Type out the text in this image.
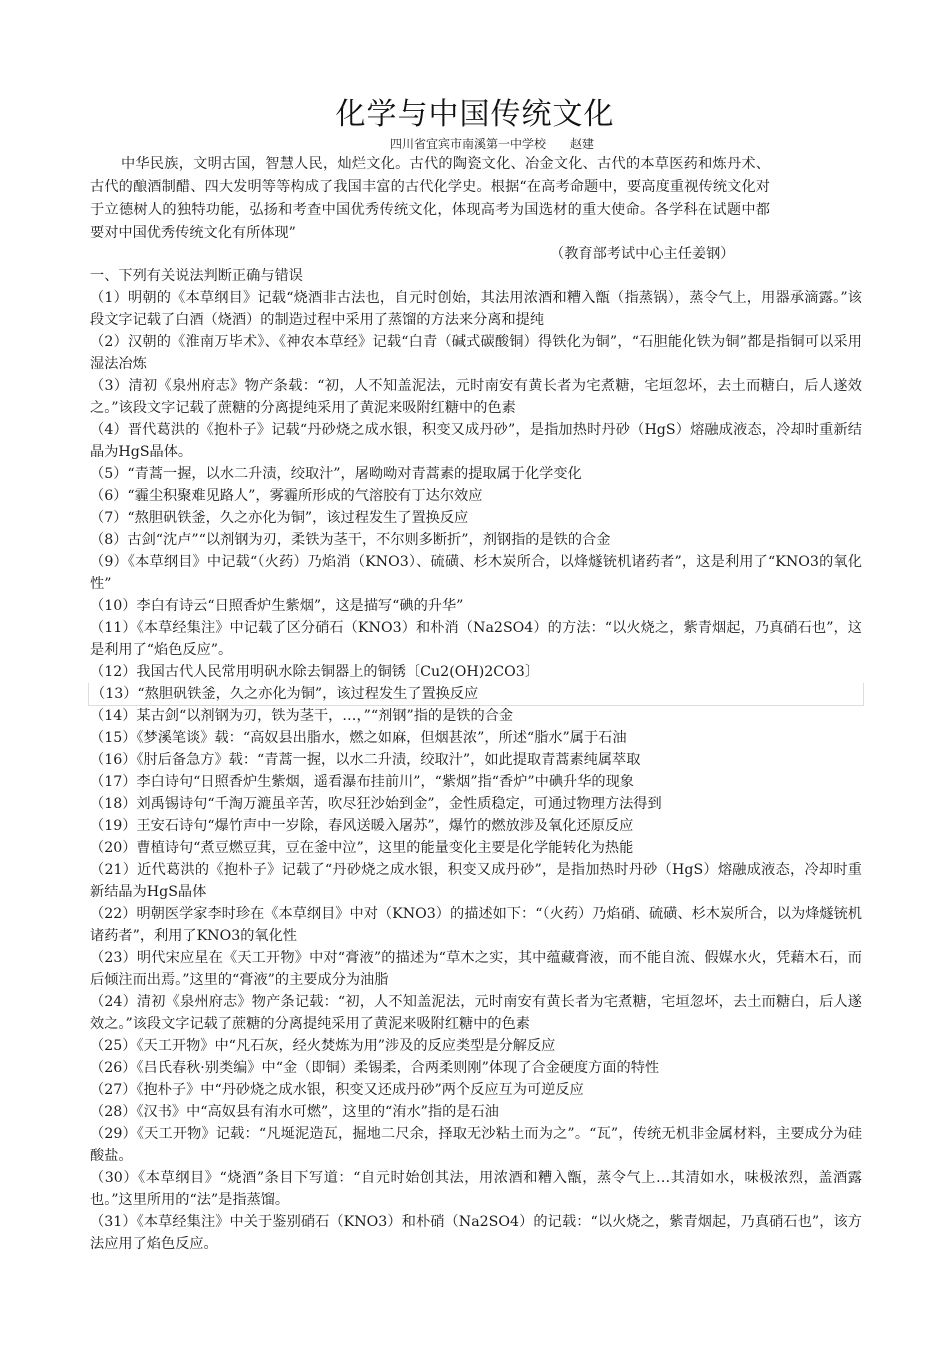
化学与中国传统文化
四川省宜宾市南溪第一中学校 赵建
中华民族，文明古国，智慧人民，灿烂文化。古代的陶瓷文化、冶金文化、古代的本草医药和炼丹术、古代的酿酒制醋、四大发明等等构成了我国丰富的古代化学史。根据“在高考命题中，要高度重视传统文化对于立德树人的独特功能，弘扬和考查中国优秀传统文化，体现高考为国选材的重大使命。各学科在试题中都要对中国优秀传统文化有所体现”
（教育部考试中心主任姜钢）
一、下列有关说法判断正确与错误
（1）明朝的《本草纲目》记载“烧酒非古法也，自元时创始，其法用浓酒和糟入甑（指蒸锅），蒸令气上，用器承滴露。”该段文字记载了白酒（烧酒）的制造过程中采用了蒸馏的方法来分离和提纯
（2）汉朝的《淮南万毕术》、《神农本草经》记载“白青（碱式碳酸铜）得铁化为铜”，“石胆能化铁为铜”都是指铜可以采用湿法冶炼
（3）清初《泉州府志》物产条载：“初，人不知盖泥法，元时南安有黄长者为宅煮糖，宅垣忽坏，去土而糖白，后人遂效之。”该段文字记载了蔗糖的分离提纯采用了黄泥来吸附红糖中的色素
（4）晋代葛洪的《抱朴子》记载“丹砂烧之成水银，积变又成丹砂”，是指加热时丹砂（HgS）熔融成液态，冷却时重新结晶为HgS晶体。
（5）“青蒿一握，以水二升渍，绞取汁”，屠呦呦对青蒿素的提取属于化学变化
（6）“霾尘积聚难见路人”，雾霾所形成的气溶胶有丁达尔效应
（7）“熬胆矾铁釜，久之亦化为铜”，该过程发生了置换反应
（8）古剑“沈卢”“以剂钢为刃，柔铁为茎干，不尔则多断折”，剂钢指的是铁的合金
（9）《本草纲目》中记载“（火药）乃焰消（KNO3）、硫磺、杉木炭所合，以烽燧铳机诸药者”，这是利用了“KNO3的氧化性”
（10）李白有诗云“日照香炉生紫烟”，这是描写“碘的升华”
（11）《本草经集注》中记载了区分硝石（KNO3）和朴消（Na2SO4）的方法：“以火烧之，紫青烟起，乃真硝石也”，这是利用了“焰色反应”。
（12）我国古代人民常用明矾水除去铜器上的铜锈〔Cu2(OH)2CO3〕
（13）“熬胆矾铁釜，久之亦化为铜”，该过程发生了置换反应
（14）某古剑“以剂钢为刃，铁为茎干，…，”“剂钢”指的是铁的合金
（15）《梦溪笔谈》载：“高奴县出脂水，燃之如麻，但烟甚浓”，所述“脂水”属于石油
（16）《肘后备急方》载：“青蒿一握，以水二升渍，绞取汁”，如此提取青蒿素纯属萃取
（17）李白诗句“日照香炉生紫烟，遥看瀑布挂前川”，“紫烟”指“香炉”中碘升华的现象
（18）刘禹锡诗句“千淘万漉虽辛苦，吹尽狂沙始到金”，金性质稳定，可通过物理方法得到
（19）王安石诗句“爆竹声中一岁除，春风送暖入屠苏”，爆竹的燃放涉及氧化还原反应
（20）曹植诗句“煮豆燃豆萁，豆在釜中泣”，这里的能量变化主要是化学能转化为热能
（21）近代葛洪的《抱朴子》记载了“丹砂烧之成水银，积变又成丹砂”，是指加热时丹砂（HgS）熔融成液态，冷却时重新结晶为HgS晶体
（22）明朝医学家李时珍在《本草纲目》中对（KNO3）的描述如下：“（火药）乃焰硝、硫磺、杉木炭所合，以为烽燧铳机诸药者”，利用了KNO3的氧化性
（23）明代宋应星在《天工开物》中对“膏液”的描述为“草木之实，其中蕴藏膏液，而不能自流、假媒水火，凭藉木石，而后倾注而出焉。”这里的“膏液”的主要成分为油脂
（24）清初《泉州府志》物产条记载：“初，人不知盖泥法，元时南安有黄长者为宅煮糖，宅垣忽坏，去土而糖白，后人遂效之。”该段文字记载了蔗糖的分离提纯采用了黄泥来吸附红糖中的色素
（25）《天工开物》中“凡石灰，经火焚炼为用”涉及的反应类型是分解反应
（26）《吕氏春秋·别类编》中“金（即铜）柔锡柔，合两柔则刚”体现了合金硬度方面的特性
（27）《抱朴子》中“丹砂烧之成水银，积变又还成丹砂”两个反应互为可逆反应
（28）《汉书》中“高奴县有洧水可燃”，这里的“洧水”指的是石油
（29）《天工开物》记载：“凡埏泥造瓦，掘地二尺余，择取无沙粘土而为之”。“瓦”，传统无机非金属材料，主要成分为硅酸盐。
（30）《本草纲目》“烧酒”条目下写道：“自元时始创其法，用浓酒和糟入甑，蒸令气上…其清如水，味极浓烈，盖酒露也。”这里所用的“法”是指蒸馏。
（31）《本草经集注》中关于鉴别硝石（KNO3）和朴硝（Na2SO4）的记载：“以火烧之，紫青烟起，乃真硝石也”，该方法应用了焰色反应。
